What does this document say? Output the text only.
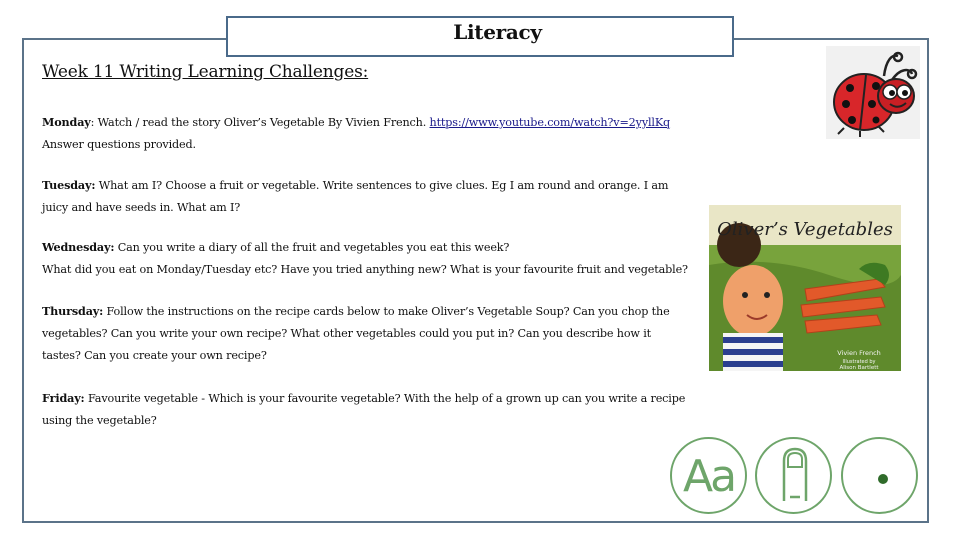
Literacy
Week 11 Writing Learning Challenges:
Monday: Watch / read the story Oliver’s Vegetable By Vivien French. https://www.youtube.com/watch?v=2yyllKq
Answer questions provided.
Tuesday: What am I? Choose a fruit or vegetable. Write sentences to give clues. Eg I am round and orange. I am juicy and have seeds in. What am I?
Wednesday: Can you write a diary of all the fruit and vegetables you eat this week?
What did you eat on Monday/Tuesday etc? Have you tried anything new? What is your favourite fruit and vegetable?
Thursday: Follow the instructions on the recipe cards below to make Oliver’s Vegetable Soup? Can you chop the vegetables? Can you write your own recipe? What other vegetables could you put in? Can you describe how it tastes? Can you create your own recipe?
Friday: Favourite vegetable - Which is your favourite vegetable? With the help of a grown up can you write a recipe using the vegetable?
Oliver’s Vegetables
Vivien French
Illustrated by
Alison Bartlett
Aa
